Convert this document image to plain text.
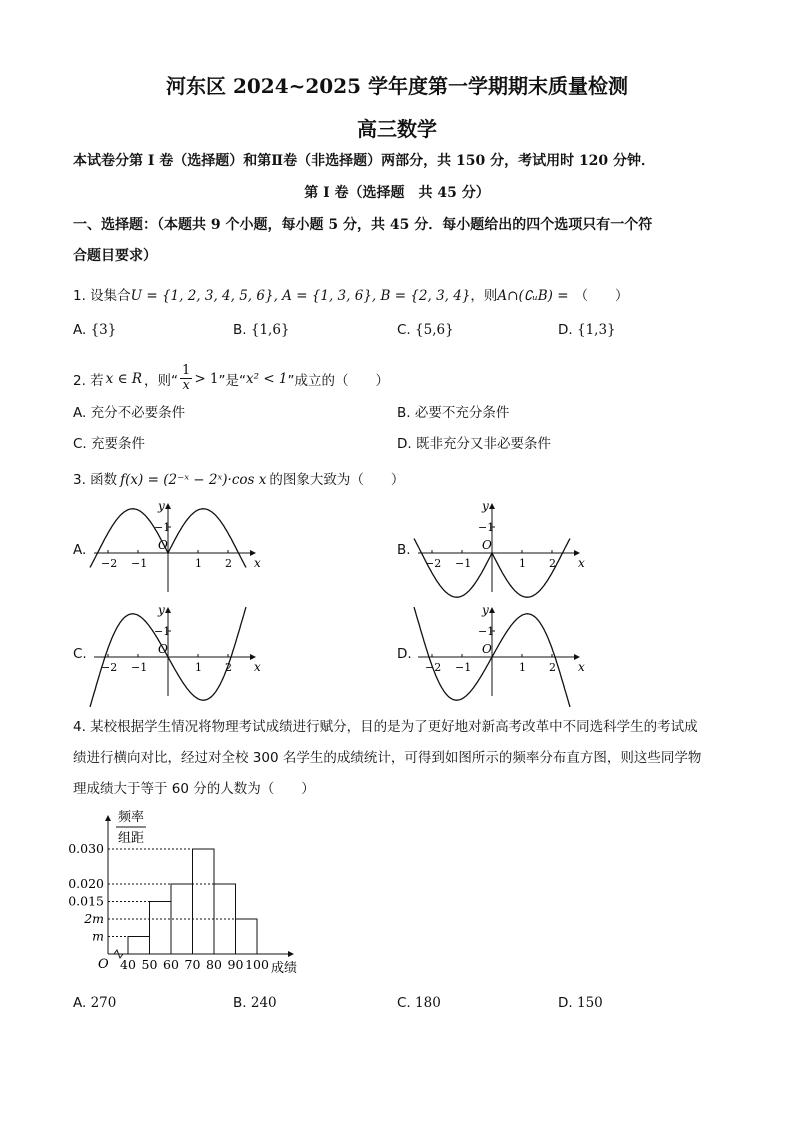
河东区 2024~2025 学年度第一学期期末质量检测
高三数学
本试卷分第 I 卷（选择题）和第Ⅱ卷（非选择题）两部分，共 150 分，考试用时 120 分钟．
第 I 卷（选择题　共 45 分）
一、选择题：（本题共 9 个小题，每小题 5 分，共 45 分．每小题给出的四个选项只有一个符
合题目要求）
1. 设集合U = {1, 2, 3, 4, 5, 6}, A = {1, 3, 6}, B = {2, 3, 4}，则A∩(∁ᵤB) = （　　）
A. {3}	B. {1,6}	C. {5,6}	D. {1,3}
2. 若 x ∈ R ，则“
1
x > 1 ”是“ x² < 1 ”成立的（　　）
A. 充分不必要条件	B. 必要不充分条件
C. 充要条件	D. 既非充分又非必要条件
3. 函数 f(x) = (2⁻ˣ − 2ˣ)·cos x 的图象大致为（　　）
A.	B.
C.	D.
y
x
O
−1
−2 −1	1 2
y
x
O
−1
−2 −1	1 2
y
x
O
−1
−2 −1	1 2
y
x
O
−1
−2 −1	1 2
4. 某校根据学生情况将物理考试成绩进行赋分，目的是为了更好地对新高考改革中不同选科学生的考试成
绩进行横向对比，经过对全校 300 名学生的成绩统计，可得到如图所示的频率分布直方图，则这些同学物
理成绩大于等于 60 分的人数为（　　）
频率
组距
O	成绩
0.030
0.020
0.015
2m
m
40 50 60 70 80 90 100
A. 270	B. 240	C. 180	D. 150
